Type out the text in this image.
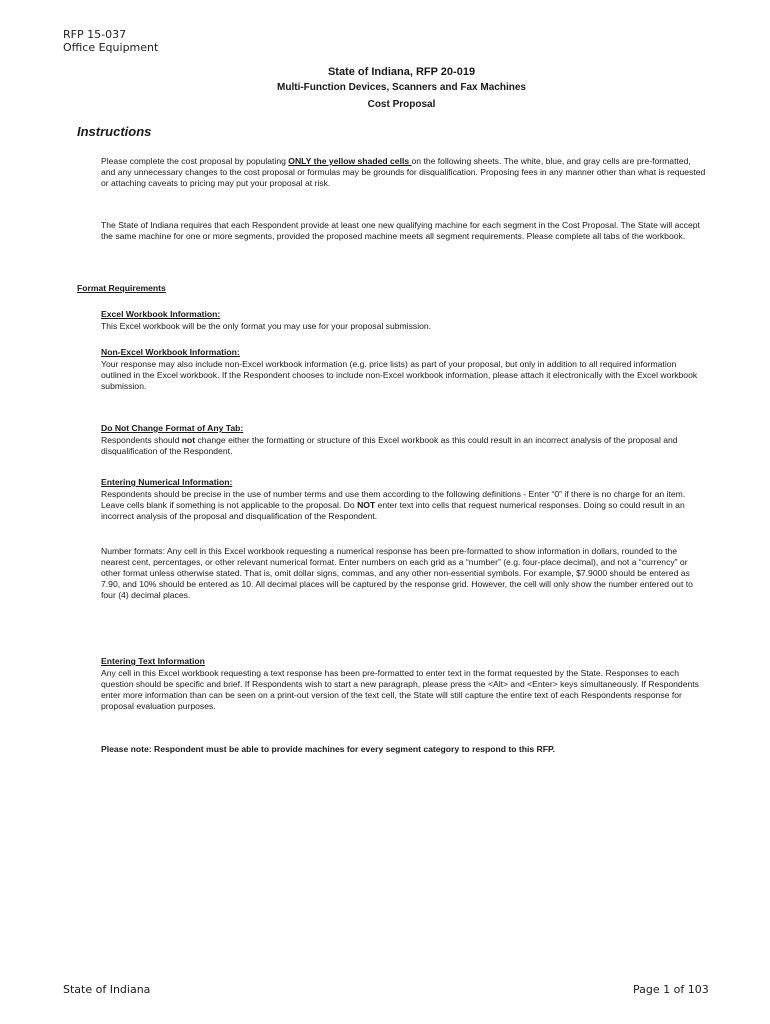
RFP 15-037
Office Equipment
State of Indiana, RFP 20-019
Multi-Function Devices, Scanners and Fax Machines
Cost Proposal
Instructions
Please complete the cost proposal by populating ONLY the yellow shaded cells on the following sheets. The white, blue, and gray cells are pre-formatted, and any unnecessary changes to the cost proposal or formulas may be grounds for disqualification. Proposing fees in any manner other than what is requested or attaching caveats to pricing may put your proposal at risk.
The State of Indiana requires that each Respondent provide at least one new qualifying machine for each segment in the Cost Proposal. The State will accept the same machine for one or more segments, provided the proposed machine meets all segment requirements. Please complete all tabs of the workbook.
Format Requirements
Excel Workbook Information:
This Excel workbook will be the only format you may use for your proposal submission.
Non-Excel Workbook Information:
Your response may also include non-Excel workbook information (e.g. price lists) as part of your proposal, but only in addition to all required information outlined in the Excel workbook. If the Respondent chooses to include non-Excel workbook information, please attach it electronically with the Excel workbook submission.
Do Not Change Format of Any Tab:
Respondents should not change either the formatting or structure of this Excel workbook as this could result in an incorrect analysis of the proposal and disqualification of the Respondent.
Entering Numerical Information:
Respondents should be precise in the use of number terms and use them according to the following definitions - Enter “0” if there is no charge for an item. Leave cells blank if something is not applicable to the proposal. Do NOT enter text into cells that request numerical responses. Doing so could result in an incorrect analysis of the proposal and disqualification of the Respondent.
Number formats: Any cell in this Excel workbook requesting a numerical response has been pre-formatted to show information in dollars, rounded to the nearest cent, percentages, or other relevant numerical format. Enter numbers on each grid as a “number” (e.g. four-place decimal), and not a “currency” or other format unless otherwise stated. That is, omit dollar signs, commas, and any other non-essential symbols. For example, $7.9000 should be entered as 7.90, and 10% should be entered as 10. All decimal places will be captured by the response grid. However, the cell will only show the number entered out to four (4) decimal places.
Entering Text Information
Any cell in this Excel workbook requesting a text response has been pre-formatted to enter text in the format requested by the State. Responses to each question should be specific and brief. If Respondents wish to start a new paragraph, please press the <Alt> and <Enter> keys simultaneously. If Respondents enter more information than can be seen on a print-out version of the text cell, the State will still capture the entire text of each Respondents response for proposal evaluation purposes.
Please note: Respondent must be able to provide machines for every segment category to respond to this RFP.
State of Indiana	Page 1 of 103
